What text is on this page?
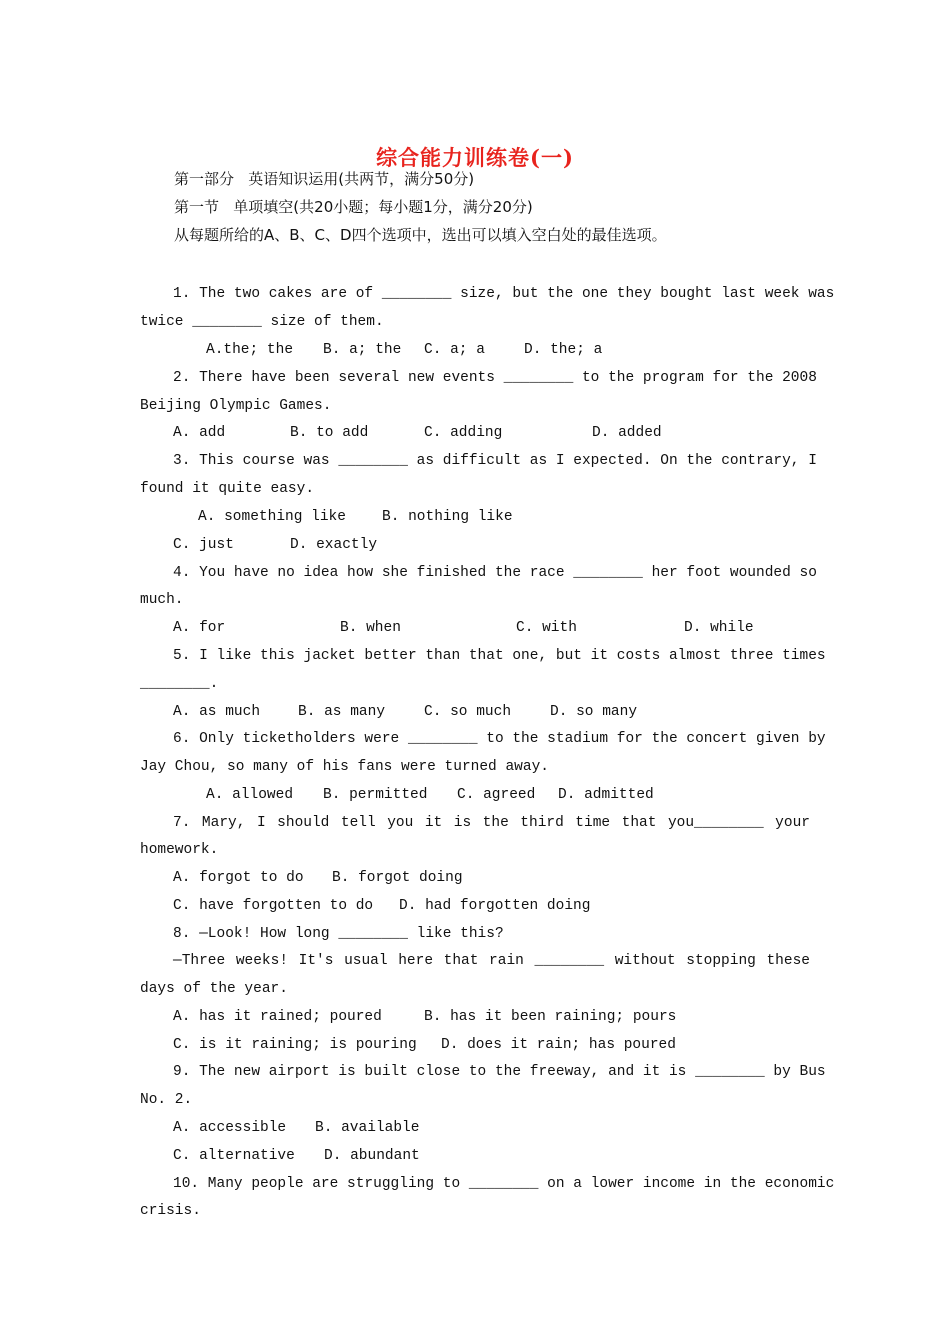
综合能力训练卷(一)
第一部分   英语知识运用(共两节，满分50分)
第一节   单项填空(共20小题；每小题1分，满分20分)
从每题所给的A、B、C、D四个选项中，选出可以填入空白处的最佳选项。
1. The two cakes are of ________ size, but the one they bought last week was
twice ________ size of them.
A.the; the B. a; the C. a; a	D. the; a
2. There have been several new events ________ to the program for the 2008
Beijing Olympic Games.
A. add	B. to add	C. adding	D. added
3. This course was ________ as difficult as I expected. On the contrary, I
found it quite easy.
A. something like B. nothing like
C. just	D. exactly
4. You have no idea how she finished the race ________ her foot wounded so
much.
A. for	B. when	C. with	D. while
5. I like this jacket better than that one, but it costs almost three times
________.
A. as much	B. as many	C. so much	D. so many
6. Only ticketholders were ________ to the stadium for the concert given by
Jay Chou, so many of his fans were turned away.
A. allowed B. permitted C. agreed D. admitted
7. Mary, I should tell you it is the third time that you________ your
homework.
A. forgot to do B. forgot doing
C. have forgotten to do D. had forgotten doing
8. —Look! How long ________ like this?
—Three weeks! It's usual here that rain ________ without stopping these
days of the year.
A. has it rained; poured	B. has it been raining; pours
C. is it raining; is pouring D. does it rain; has poured
9. The new airport is built close to the freeway, and it is ________ by Bus
No. 2.
A. accessible B. available
C. alternative D. abundant
10. Many people are struggling to ________ on a lower income in the economic
crisis.
